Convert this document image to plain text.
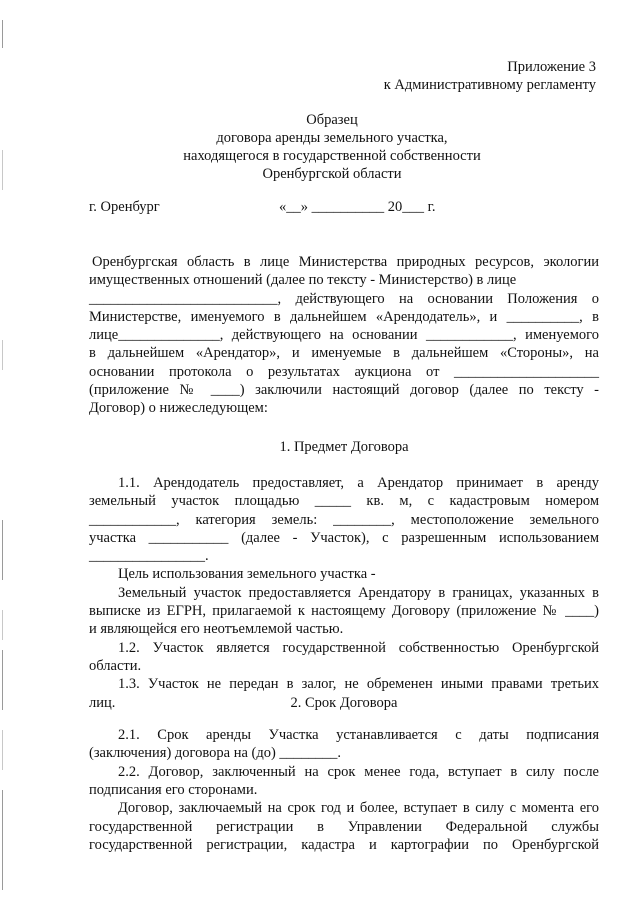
Приложение 3
к Административному регламенту
Образец
договора аренды земельного участка,
находящегося в государственной собственности
Оренбургской области
г. Оренбург	«__» __________ 20___ г.

Оренбургская область в лице Министерства природных ресурсов, экологии

имущественных отношений (далее по тексту - Министерство) в лице

__________________________, действующего на основании Положения о

Министерстве, именуемого в дальнейшем «Арендодатель», и __________, в

лице______________, действующего на основании ____________, именуемого

в дальнейшем «Арендатор», и именуемые в дальнейшем «Стороны», на

основании протокола о результатах аукциона от ____________________

(приложение № ____) заключили настоящий договор (далее по тексту -

Договор) о нижеследующем:

1. Предмет Договора

1.1. Арендодатель предоставляет, а Арендатор принимает в аренду

земельный участок площадью _____ кв. м, с кадастровым номером

____________, категория земель: ________, местоположение земельного

участка ___________ (далее - Участок), с разрешенным использованием

________________.

Цель использования земельного участка -

Земельный участок предоставляется Арендатору в границах, указанных в

выписке из ЕГРН, прилагаемой к настоящему Договору (приложение № ____)

и являющейся его неотъемлемой частью.

1.2. Участок является государственной собственностью Оренбургской

области.

1.3. Участок не передан в залог, не обременен иными правами третьих

лиц.	2. Срок Договора

2.1. Срок аренды Участка устанавливается с даты подписания

(заключения) договора на (до) ________.

2.2. Договор, заключенный на срок менее года, вступает в силу после

подписания его сторонами.

Договор, заключаемый на срок год и более, вступает в силу с момента его

государственной регистрации в Управлении Федеральной службы

государственной регистрации, кадастра и картографии по Оренбургской
